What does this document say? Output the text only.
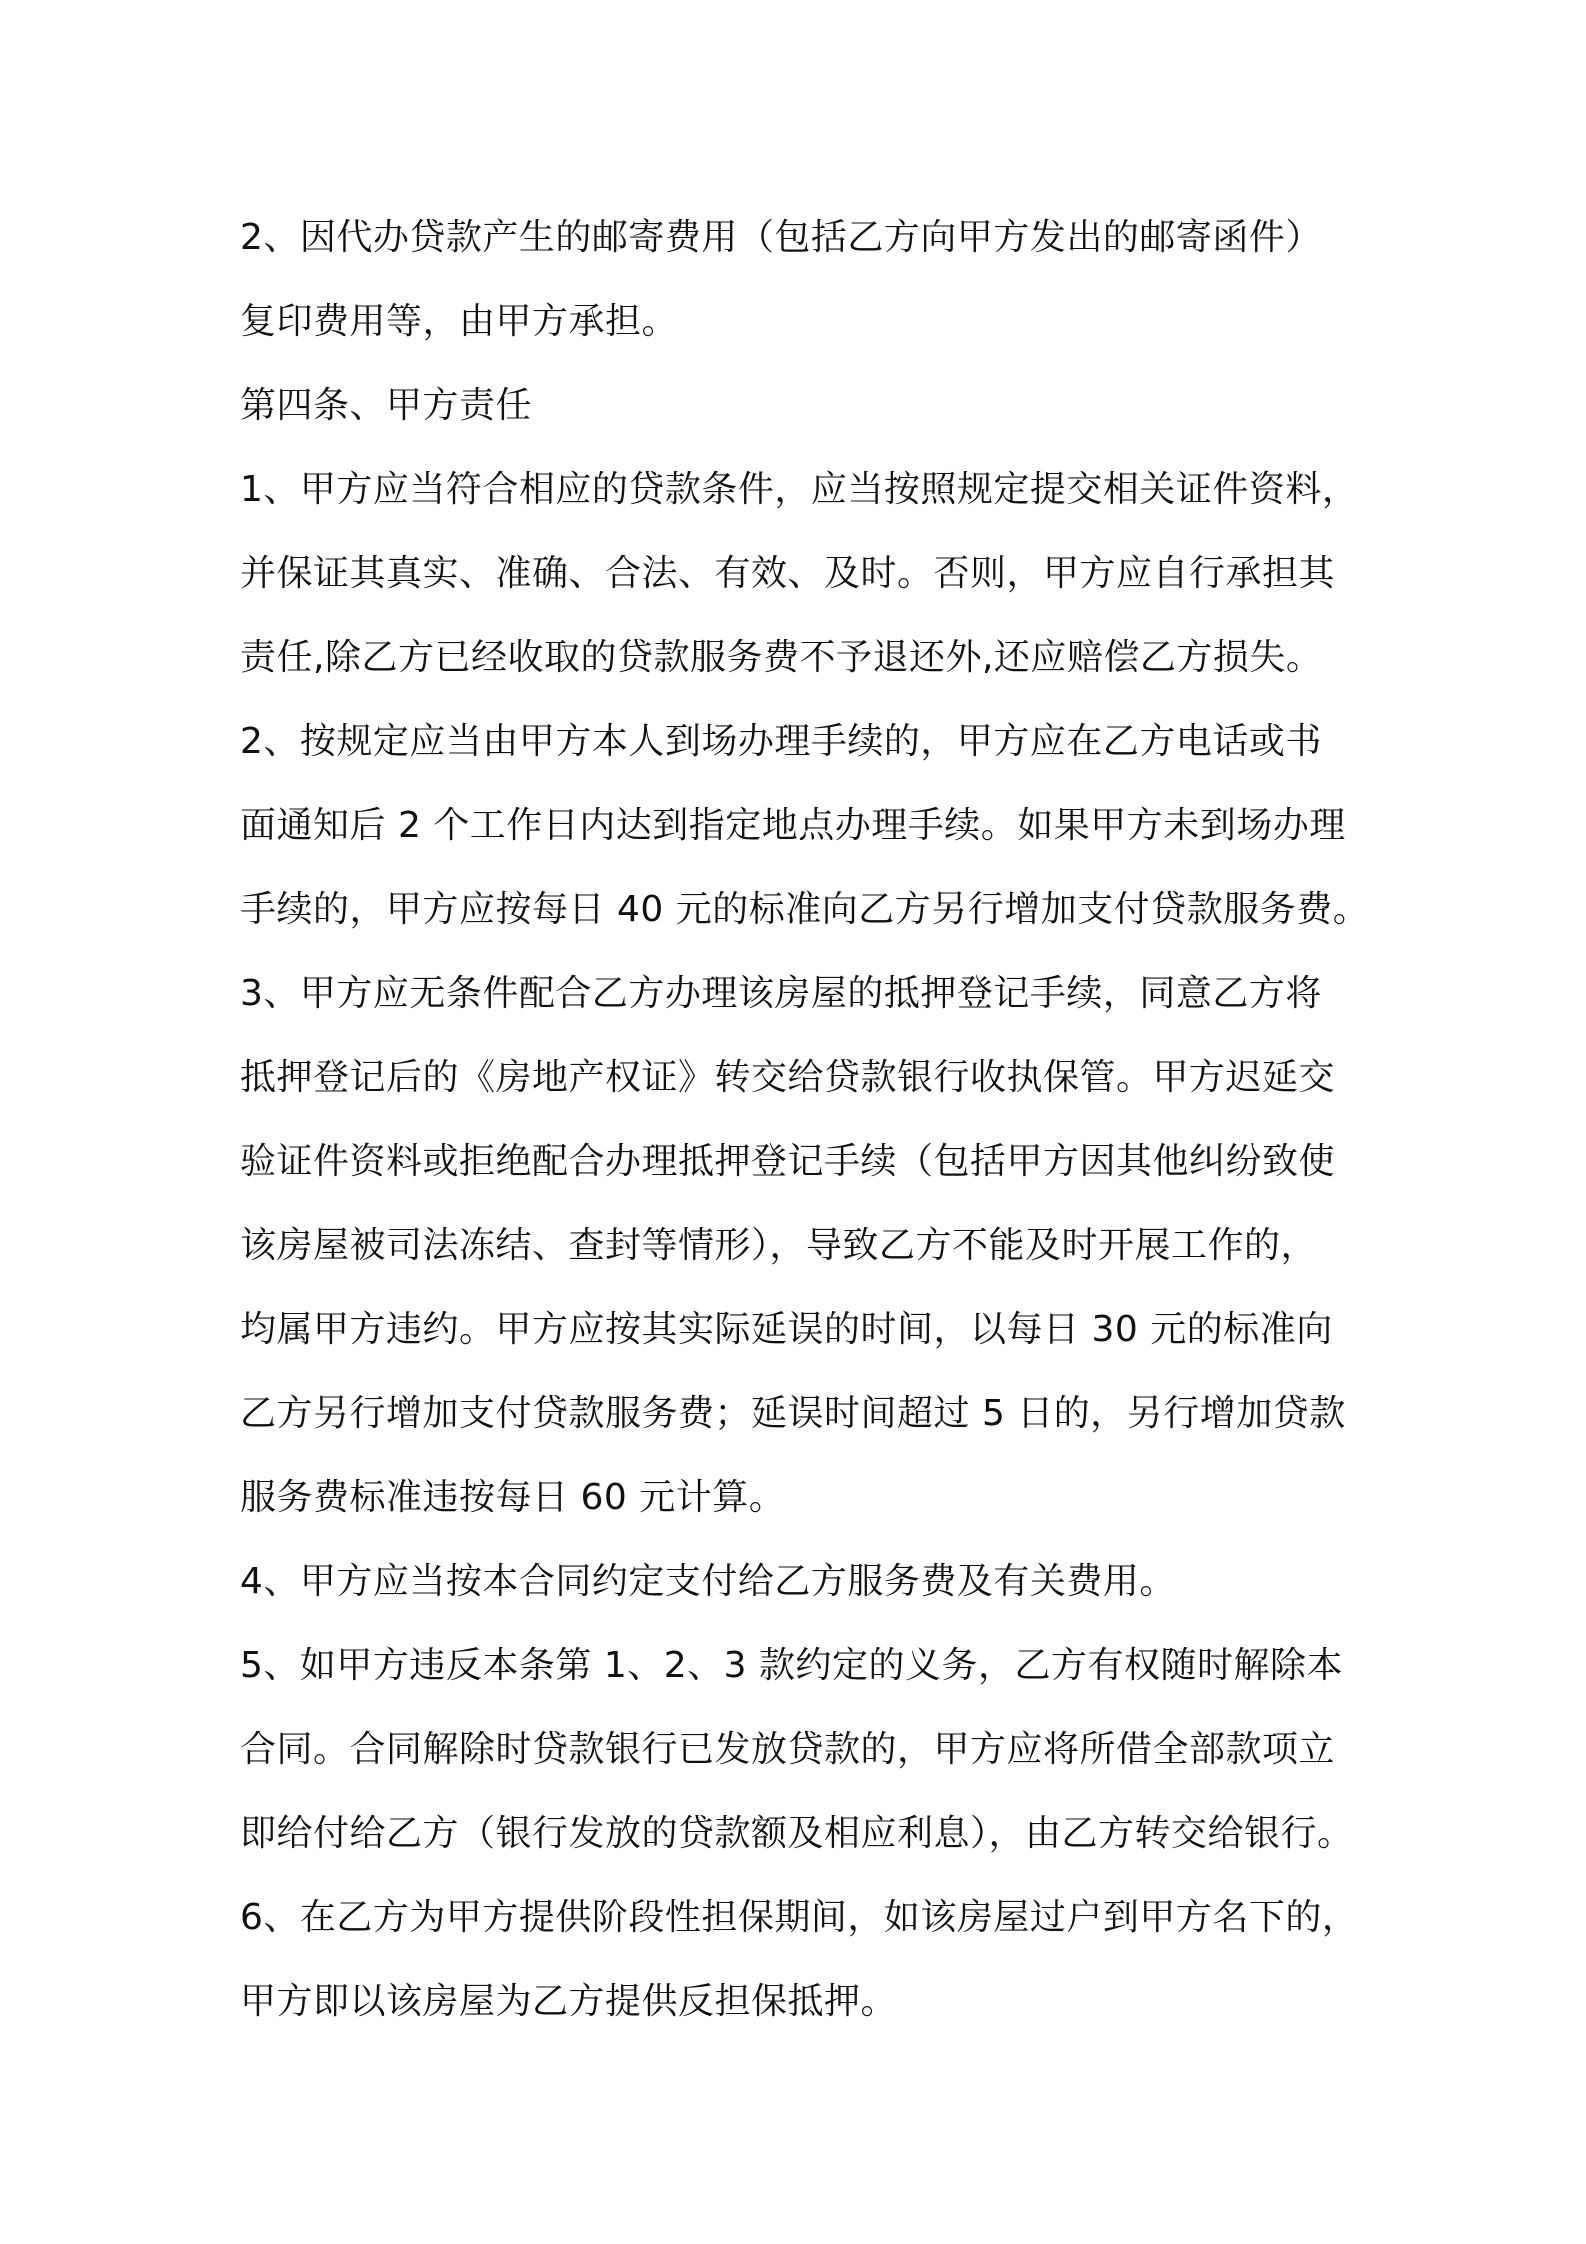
2、因代办贷款产生的邮寄费用（包括乙方向甲方发出的邮寄函件）
复印费用等，由甲方承担。
第四条、甲方责任
1、甲方应当符合相应的贷款条件，应当按照规定提交相关证件资料，
并保证其真实、准确、合法、有效、及时。否则，甲方应自行承担其
责任,除乙方已经收取的贷款服务费不予退还外,还应赔偿乙方损失。
2、按规定应当由甲方本人到场办理手续的，甲方应在乙方电话或书
面通知后 2 个工作日内达到指定地点办理手续。如果甲方未到场办理
手续的，甲方应按每日 40 元的标准向乙方另行增加支付贷款服务费。
3、甲方应无条件配合乙方办理该房屋的抵押登记手续，同意乙方将
抵押登记后的《房地产权证》转交给贷款银行收执保管。甲方迟延交
验证件资料或拒绝配合办理抵押登记手续（包括甲方因其他纠纷致使
该房屋被司法冻结、查封等情形），导致乙方不能及时开展工作的，
均属甲方违约。甲方应按其实际延误的时间，以每日 30 元的标准向
乙方另行增加支付贷款服务费；延误时间超过 5 日的，另行增加贷款
服务费标准违按每日 60 元计算。
4、甲方应当按本合同约定支付给乙方服务费及有关费用。
5、如甲方违反本条第 1、2、3 款约定的义务，乙方有权随时解除本
合同。合同解除时贷款银行已发放贷款的，甲方应将所借全部款项立
即给付给乙方（银行发放的贷款额及相应利息），由乙方转交给银行。
6、在乙方为甲方提供阶段性担保期间，如该房屋过户到甲方名下的，
甲方即以该房屋为乙方提供反担保抵押。
